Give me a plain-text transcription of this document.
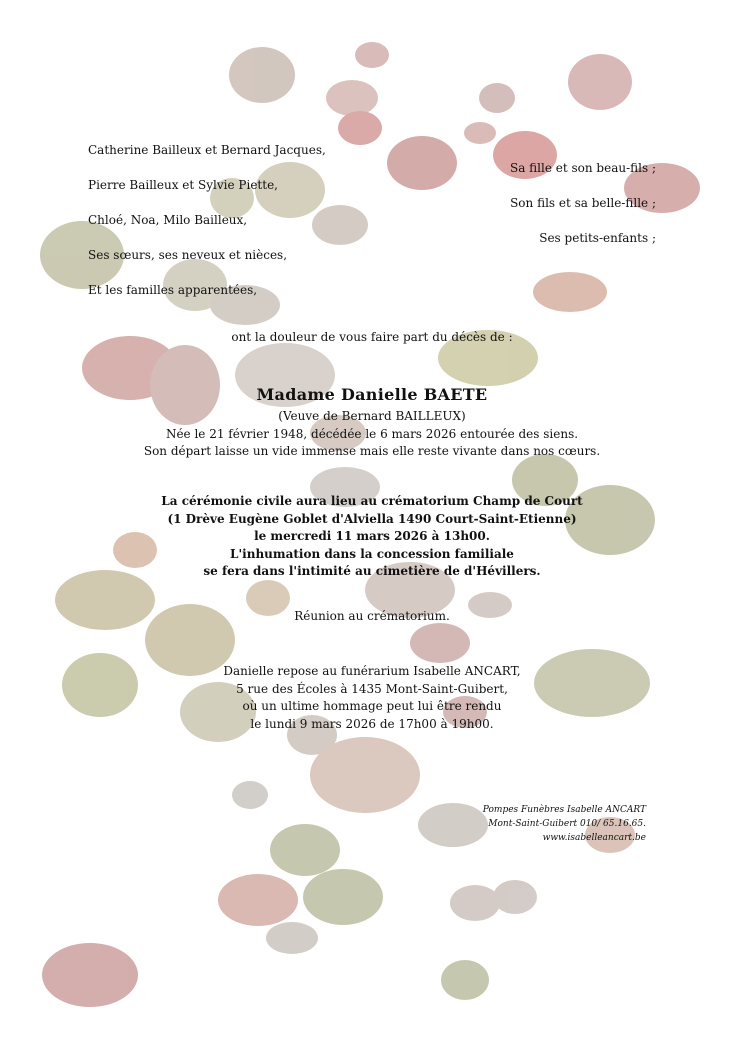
Catherine Bailleux et Bernard Jacques,
Pierre Bailleux et Sylvie Piette,
Chloé, Noa, Milo Bailleux,
Ses sœurs, ses neveux et nièces,
Et les familles apparentées,
Sa fille et son beau-fils ;
Son fils et sa belle-fille ;
Ses petits-enfants ;
ont la douleur de vous faire part du décès de :
Madame Danielle BAETE
(Veuve de Bernard BAILLEUX)
Née le 21 février 1948, décédée le 6 mars 2026 entourée des siens.
Son départ laisse un vide immense mais elle reste vivante dans nos cœurs.
La cérémonie civile aura lieu au crématorium Champ de Court
(1 Drève Eugène Goblet d'Alviella 1490 Court-Saint-Etienne)
le mercredi 11 mars 2026 à 13h00.
L'inhumation dans la concession familiale
se fera dans l'intimité au cimetière de d'Hévillers.
Réunion au crématorium.
Danielle repose au funérarium Isabelle ANCART,
5 rue des Écoles à 1435 Mont-Saint-Guibert,
où un ultime hommage peut lui être rendu
le lundi 9 mars 2026 de 17h00 à 19h00.
Pompes Funèbres Isabelle ANCART
Mont-Saint-Guibert 010/ 65.16.65.
www.isabelleancart.be
